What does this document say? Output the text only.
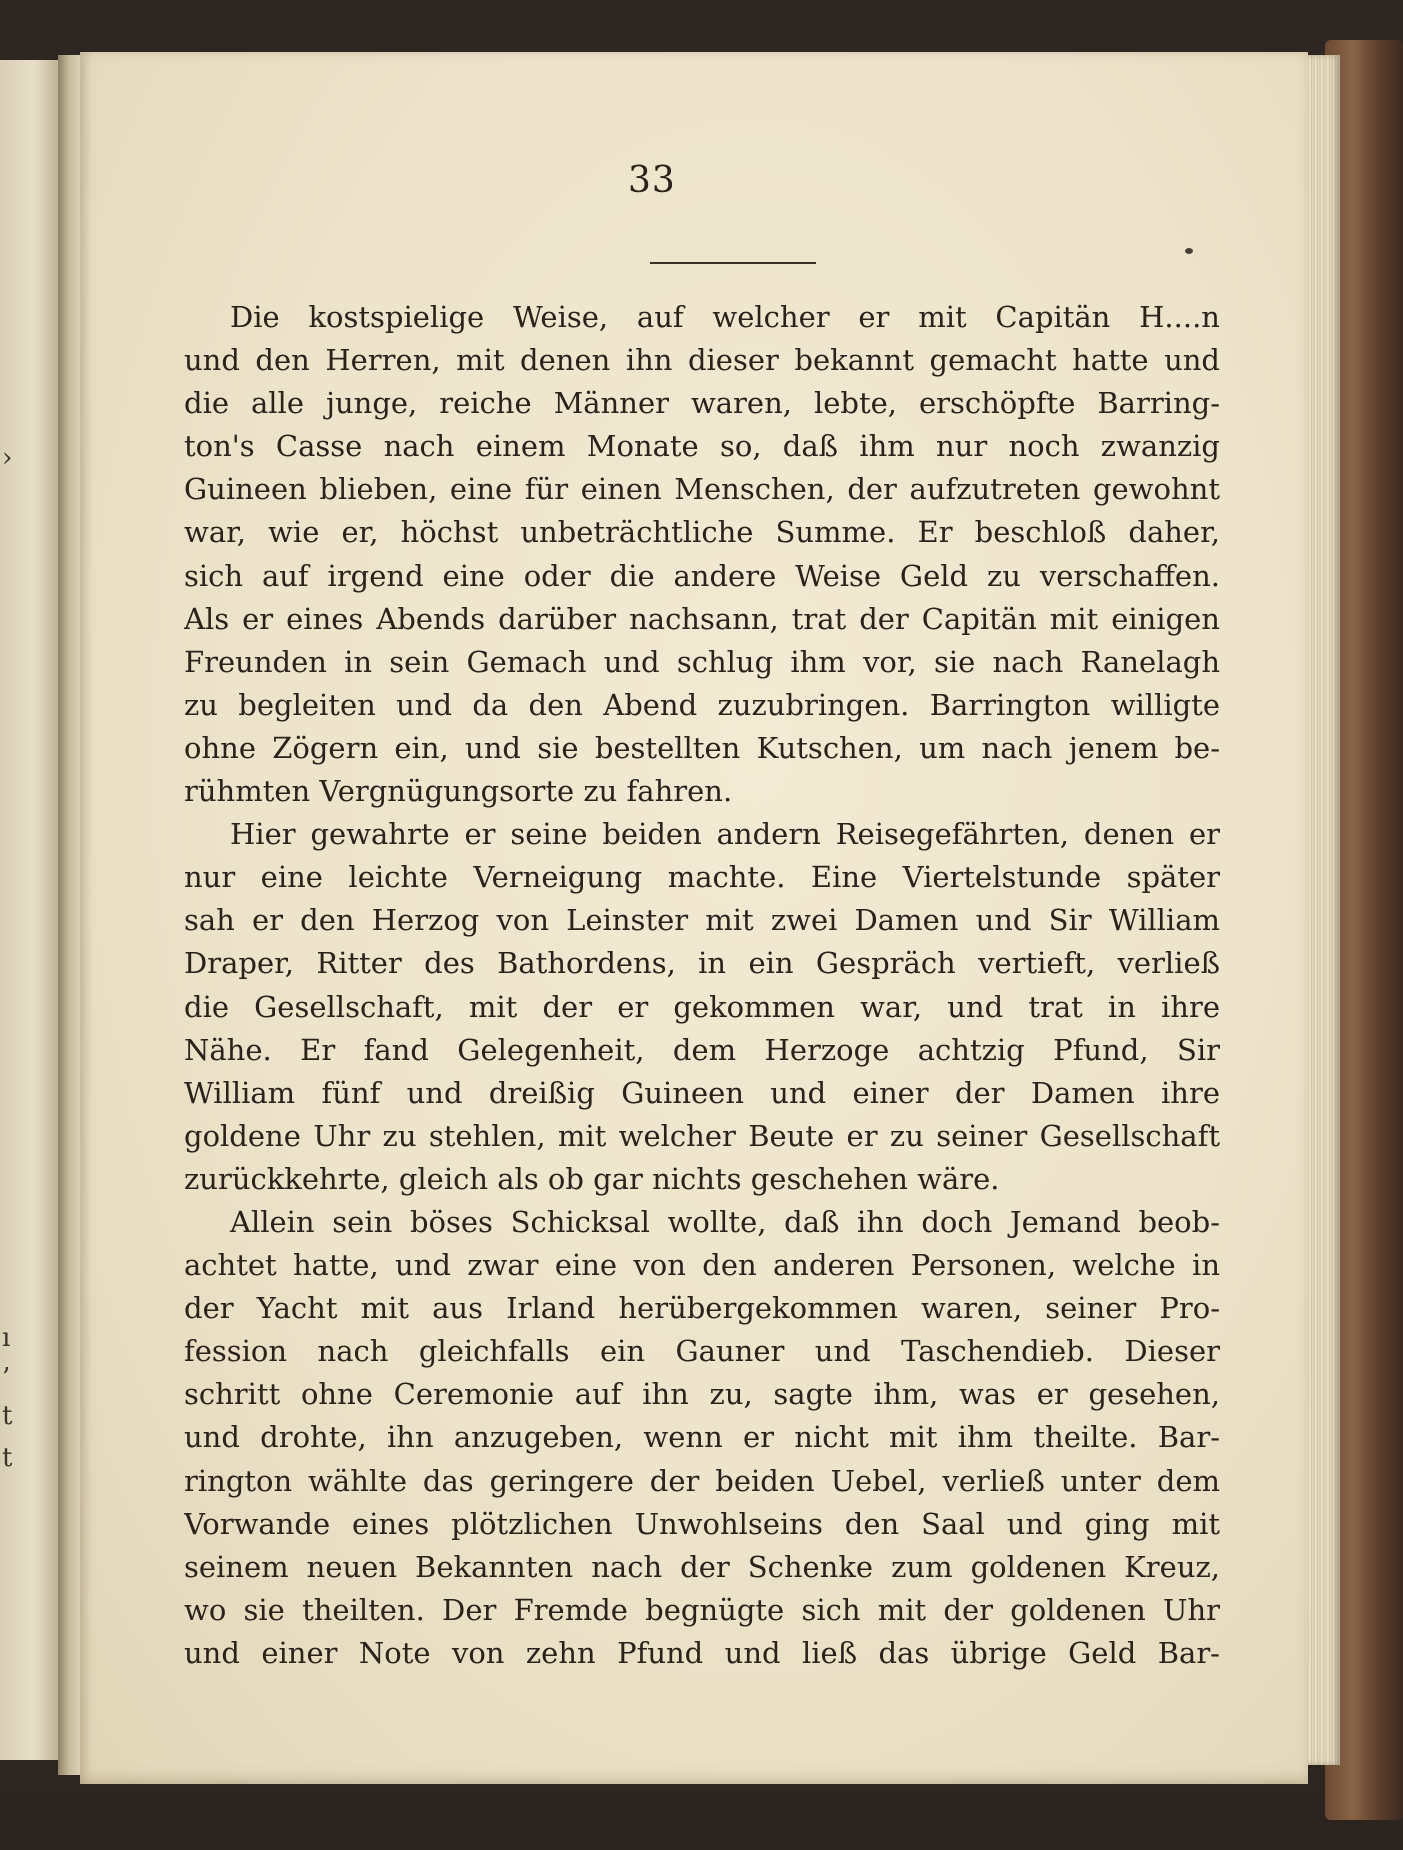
›
ı
’
t
t
33

Die kostspielige Weise, auf welcher er mit Capitän H....n
und den Herren, mit denen ihn dieser bekannt gemacht hatte und
die alle junge, reiche Männer waren, lebte, erschöpfte Barring-
ton's Casse nach einem Monate so, daß ihm nur noch zwanzig
Guineen blieben, eine für einen Menschen, der aufzutreten gewohnt
war, wie er, höchst unbeträchtliche Summe. Er beschloß daher,
sich auf irgend eine oder die andere Weise Geld zu verschaffen.
Als er eines Abends darüber nachsann, trat der Capitän mit einigen
Freunden in sein Gemach und schlug ihm vor, sie nach Ranelagh
zu begleiten und da den Abend zuzubringen. Barrington willigte
ohne Zögern ein, und sie bestellten Kutschen, um nach jenem be-
rühmten Vergnügungsorte zu fahren.

Hier gewahrte er seine beiden andern Reisegefährten, denen er
nur eine leichte Verneigung machte. Eine Viertelstunde später
sah er den Herzog von Leinster mit zwei Damen und Sir William
Draper, Ritter des Bathordens, in ein Gespräch vertieft, verließ
die Gesellschaft, mit der er gekommen war, und trat in ihre
Nähe. Er fand Gelegenheit, dem Herzoge achtzig Pfund, Sir
William fünf und dreißig Guineen und einer der Damen ihre
goldene Uhr zu stehlen, mit welcher Beute er zu seiner Gesellschaft
zurückkehrte, gleich als ob gar nichts geschehen wäre.

Allein sein böses Schicksal wollte, daß ihn doch Jemand beob-
achtet hatte, und zwar eine von den anderen Personen, welche in
der Yacht mit aus Irland herübergekommen waren, seiner Pro-
fession nach gleichfalls ein Gauner und Taschendieb. Dieser
schritt ohne Ceremonie auf ihn zu, sagte ihm, was er gesehen,
und drohte, ihn anzugeben, wenn er nicht mit ihm theilte. Bar-
rington wählte das geringere der beiden Uebel, verließ unter dem
Vorwande eines plötzlichen Unwohlseins den Saal und ging mit
seinem neuen Bekannten nach der Schenke zum goldenen Kreuz,
wo sie theilten. Der Fremde begnügte sich mit der goldenen Uhr
und einer Note von zehn Pfund und ließ das übrige Geld Bar-
